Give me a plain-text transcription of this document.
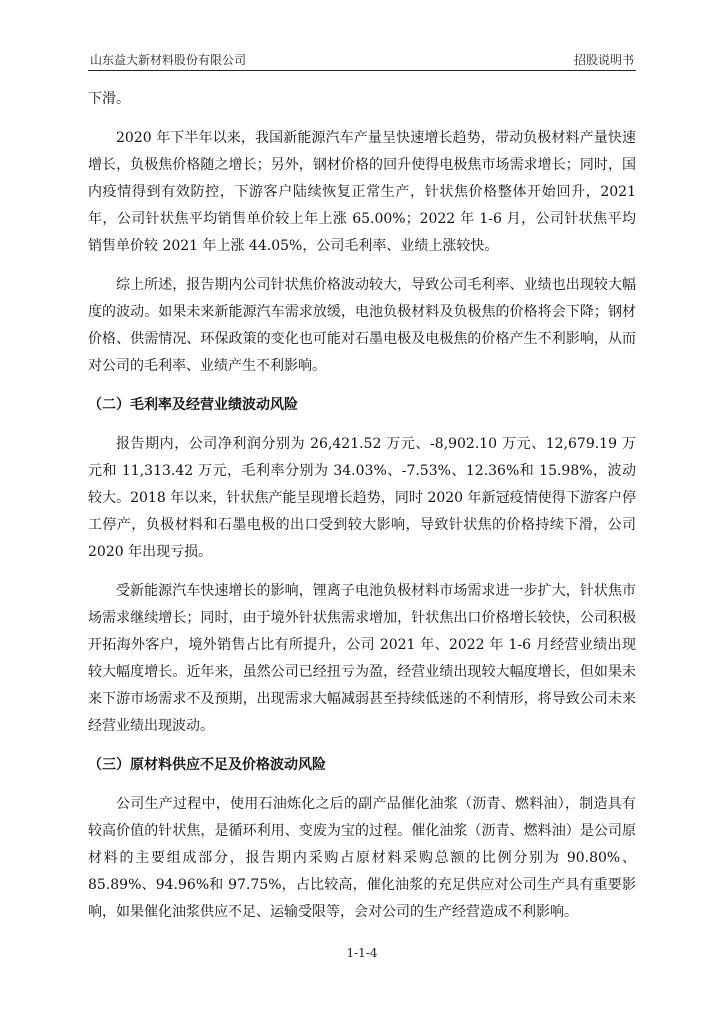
山东益大新材料股份有限公司	招股说明书

下滑。

2020 年下半年以来，我国新能源汽车产量呈快速增长趋势，带动负极材料产量快速增长，负极焦价格随之增长；另外，钢材价格的回升使得电极焦市场需求增长；同时，国内疫情得到有效防控，下游客户陆续恢复正常生产，针状焦价格整体开始回升，2021 年，公司针状焦平均销售单价较上年上涨 65.00%；2022 年 1-6 月，公司针状焦平均销售单价较 2021 年上涨 44.05%，公司毛利率、业绩上涨较快。

综上所述，报告期内公司针状焦价格波动较大，导致公司毛利率、业绩也出现较大幅度的波动。如果未来新能源汽车需求放缓，电池负极材料及负极焦的价格将会下降；钢材价格、供需情况、环保政策的变化也可能对石墨电极及电极焦的价格产生不利影响，从而对公司的毛利率、业绩产生不利影响。

（二）毛利率及经营业绩波动风险

报告期内，公司净利润分别为 26,421.52 万元、-8,902.10 万元、12,679.19 万元和 11,313.42 万元，毛利率分别为 34.03%、-7.53%、12.36%和 15.98%，波动较大。2018 年以来，针状焦产能呈现增长趋势，同时 2020 年新冠疫情使得下游客户停工停产，负极材料和石墨电极的出口受到较大影响，导致针状焦的价格持续下滑，公司 2020 年出现亏损。

受新能源汽车快速增长的影响，锂离子电池负极材料市场需求进一步扩大，针状焦市场需求继续增长；同时，由于境外针状焦需求增加，针状焦出口价格增长较快，公司积极开拓海外客户，境外销售占比有所提升，公司 2021 年、2022 年 1-6 月经营业绩出现较大幅度增长。近年来，虽然公司已经扭亏为盈，经营业绩出现较大幅度增长，但如果未来下游市场需求不及预期，出现需求大幅减弱甚至持续低迷的不利情形，将导致公司未来经营业绩出现波动。

（三）原材料供应不足及价格波动风险

公司生产过程中，使用石油炼化之后的副产品催化油浆（沥青、燃料油），制造具有较高价值的针状焦，是循环利用、变废为宝的过程。催化油浆（沥青、燃料油）是公司原材料的主要组成部分，报告期内采购占原材料采购总额的比例分别为 90.80%、85.89%、94.96%和 97.75%，占比较高，催化油浆的充足供应对公司生产具有重要影响，如果催化油浆供应不足、运输受限等，会对公司的生产经营造成不利影响。

1-1-4
